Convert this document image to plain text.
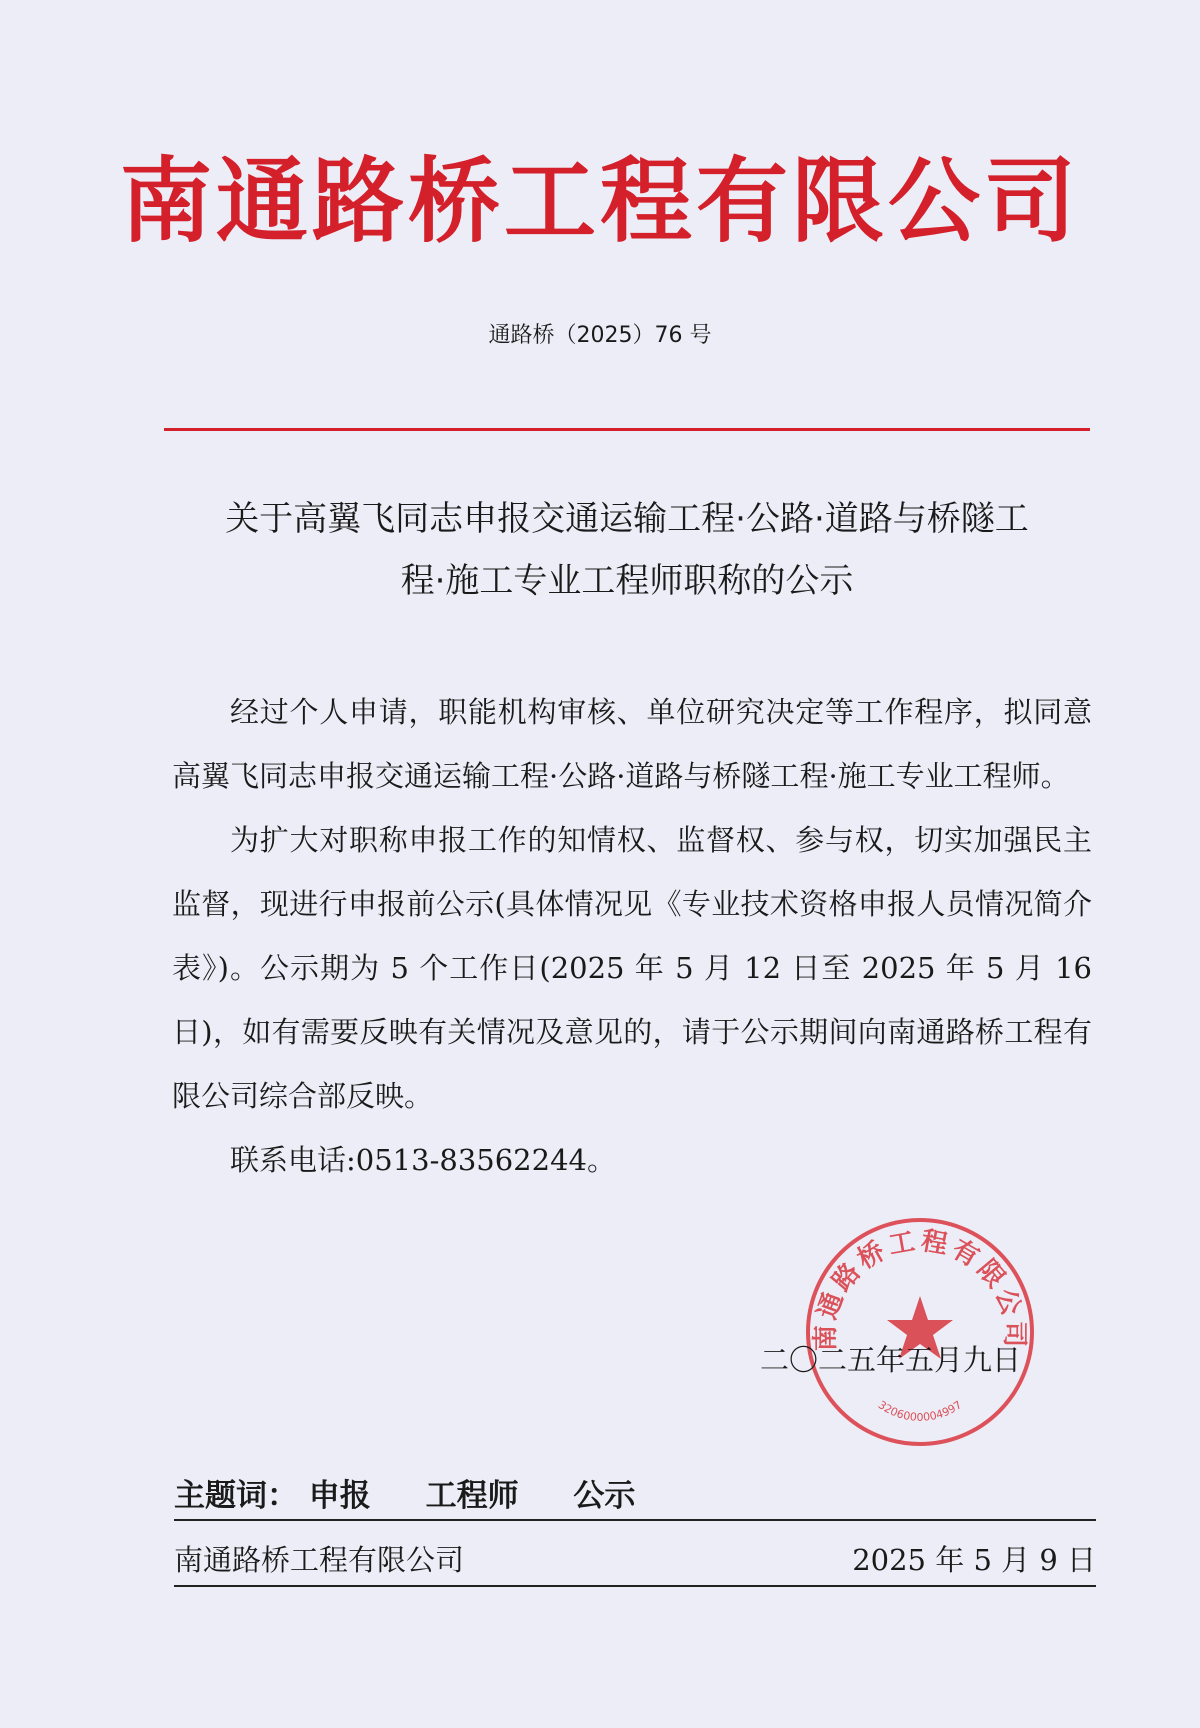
南通路桥工程有限公司
通路桥（2025）76 号
关于高翼飞同志申报交通运输工程·公路·道路与桥隧工
程·施工专业工程师职称的公示

经过个人申请，职能机构审核、单位研究决定等工作程序，拟同意高翼飞同志申报交通运输工程·公路·道路与桥隧工程·施工专业工程师。

为扩大对职称申报工作的知情权、监督权、参与权，切实加强民主监督，现进行申报前公示(具体情况见《专业技术资格申报人员情况简介表》)。公示期为 5 个工作日(2025 年 5 月 12 日至 2025 年 5 月 16 日)，如有需要反映有关情况及意见的，请于公示期间向南通路桥工程有限公司综合部反映。

联系电话:0513-83562244。

南通路桥工程有限公司
3206000004997
二〇二五年五月九日
主题词： 申报 工程师 公示
南通路桥工程有限公司	2025 年 5 月 9 日
